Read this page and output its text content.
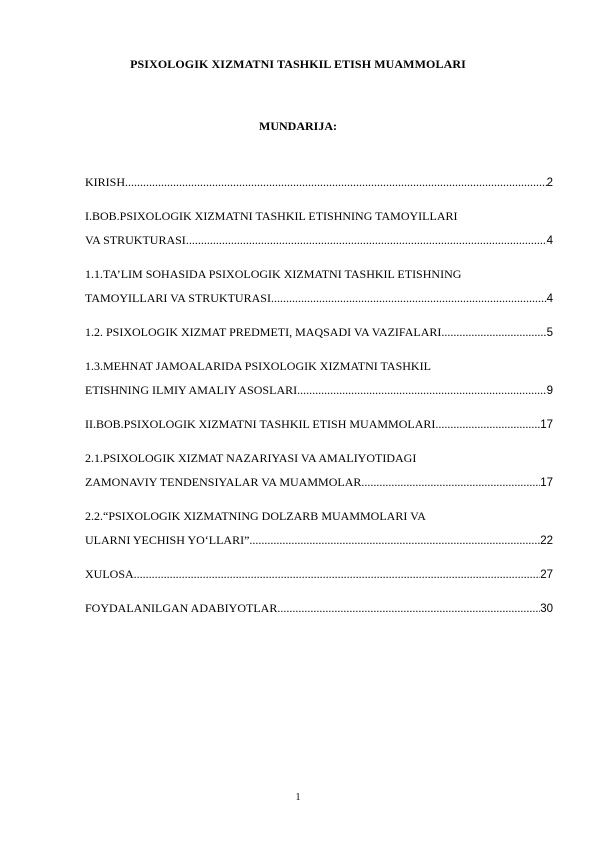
PSIXOLOGIK XIZMATNI TASHKIL ETISH MUAMMOLARI
MUNDARIJA:
KIRISH .....	2
I.BOB.PSIXOLOGIK XIZMATNI TASHKIL ETISHNING TAMOYILLARI
VA STRUKTURASI .....	4
1.1.TA’LIM SOHASIDA PSIXOLOGIK XIZMATNI TASHKIL ETISHNING
TAMOYILLARI VA STRUKTURASI .....	4
1.2. PSIXOLOGIK XIZMAT PREDMETI, MAQSADI VA VAZIFALARI .....	5
1.3.MEHNAT JAMOALARIDA PSIXOLOGIK XIZMATNI TASHKIL
ETISHNING ILMIY AMALIY ASOSLARI .....	9
II.BOB.PSIXOLOGIK XIZMATNI TASHKIL ETISH MUAMMOLARI .....	17
2.1.PSIXOLOGIK XIZMAT NAZARIYASI VA AMALIYOTIDAGI
ZAMONAVIY TENDENSIYALAR VA MUAMMOLAR .....	17
2.2.“PSIXOLOGIK XIZMATNING DOLZARB MUAMMOLARI VA
ULARNI YECHISH YO‘LLARI” .....	22
XULOSA .....	27
FOYDALANILGAN ADABIYOTLAR .....	30
1
